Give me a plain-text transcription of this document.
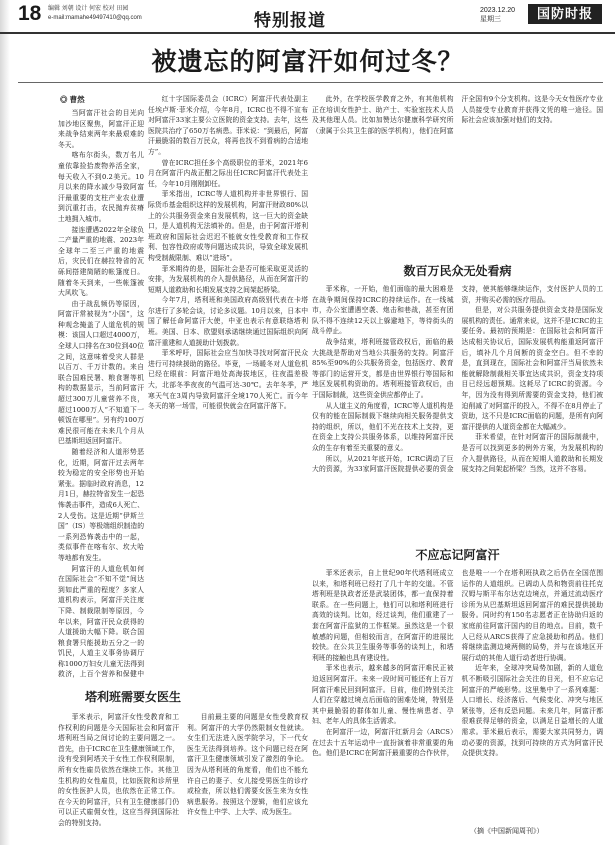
18 编辑 刘朝 设计 何宏 校对 田园
e-mail:mamahe49497410@qq.com	特别报道
2023.12.20
星期三	国防时报
被遗忘的阿富汗如何过冬？
◎ 曹然

当阿富汗社会的目光向加沙地区聚焦，阿富汗正迎来战争结束两年来最艰难的冬天。

喀布尔街头，数万名儿童依靠捡拾废物养活全家，每天收入不到0.2美元。10月以来的降水减少导致阿富汗最重要的支柱产业农业遭到沉重打击，农民抛弃贫瘠土地拥入城市。

接连遭遇2022年全球负二产量严重的地震、2023年全球年二至三产重的地震后，灾民们在赫拉特省的瓦砾间搭建简陋的帐篷度日。随着冬天到来，一些帐篷被大风吹飞。

由于战乱频仍等原因，阿富汗常被视为“小国”，这种观念掩盖了人道危机的规模：该国人口超过4000万，全球人口排名在30位到40位之间，这意味着受灾人群是以百万、千万计数的。来自联合国难民署、粮食署等机构的数据显示，当前阿富汗超过300万儿童营养不良，超过1000万人“不知道下一顿饭在哪里”。另有约100万难民很可能在未来几个月从巴基斯坦返回阿富汗。

随着经济和人道形势恶化，近期，阿富汗过去两年较为稳定的安全形势也开始紧张。据临时政府消息，12月1日，赫拉特省发生一起恐怖袭击事件，造成6人死亡、2人受伤。这是近期“伊斯兰国”（IS）等极端组织制造的一系列恐怖袭击中的一起，类似事件在喀布尔、坎大哈等地都有发生。

阿富汗的人道危机如何在国际社会“不知不觉”间达到如此严重的程度？多家人道机构表示，阿富汗关注度下降、制裁限制等原因，今年以来，阿富汗民众获得的人道援助大幅下降。联合国粮食署只能援助五分之一的饥民，人道主义事务协调厅称1000万妇女儿童无法得到救济，上百个营养和保健中

红十字国际委员会（ICRC）阿富汗代表处副主任埃卢斯·菲米介绍，今年8月，ICRC也不得不宣布对阿富汗33家主要公立医院的资金支持。去年，这些医院共治疗了650万名病患。菲米说：“到最后，阿富汗最脆弱的数百万民众，将再也找不到看病的合适地方”。

曾在ICRC担任多个高级职位的菲米，2021年6月在阿富汗内战正酣之际出任ICRC阿富汗代表处主任，今年10月刚刚卸任。

菲米指出，ICRC等人道机构并非世界银行、国际货币基金组织这样的发展机构，阿富汗财政80%以上的公共服务资金来自发展机构，这一巨大的资金缺口，是人道机构无法填补的。但是，由于阿富汗塔利班政府和国际社会迟迟不能就女性受教育和工作权利、包容性政府或等问题达成共识，导致全球发展机构受制裁限制、难以“进场”。

菲米期待的是，国际社会是否可能采取更灵活的安排，为发展机构的介入提供路径，从而在阿富汗的短期人道救助和长期发展支持之间架起桥梁。

今年7月，塔利班和美国政府高级别代表在卡塔尔进行了多轮会谈，讨论多议题。10月以来，日本中国了解任命阿富汗大使，中亚也表示有意联络塔利班。美国、日本、欧盟则承诺继续通过国际组织向阿富汗重建和人道援助计划拨款。

菲米呼吁，国际社会应当加快寻找对阿富汗民众进行可持续援助的路径。毕竟，一场暖冬对人道危机已经在眼前：阿富汗地处高海拔地区，往夜温差极大，北部冬季夜夜的气温可达-30℃。去年冬季，严寒天气在3周内导致阿富汗全境170人死亡。而今年冬天的第一场雪，可能很快就会在阿富汗落下。

塔利班需要女医生

菲米表示，阿富汗女性受教育和工作权利的问题是今天国际社会和阿富汗塔利班当局之间讨论的主要问题之一。首先，由于ICRC在卫生健康领域工作，没有受到阿塔关于女性工作权利限制，所有女性雇员依然在继续工作。其他卫生机构的女性雇员，比如医院和诊所里的女性医护人员，也依然在正常工作。在今天的阿富汗，只有卫生健康部门仍可以正式雇佣女性，这应当得到国际社会的特别支持。

目前最主要的问题是女性受教育权利。阿富汗的大学仍然限制女性就读。女生们无法进入医学院学习，下一代女医生无法得到培养。这个问题已经在阿富汗卫生健康领域引发了激烈的争论。因为从塔利班的角度看，他们也不能允许自己的妻子、女儿接受男医生的诊疗或检查，所以他们需要女医生来为女性病患服务。按照这个逻辑，他们应该允许女性上中学、上大学、成为医生。

此外，在学校医学教育之外，有其他机构正在培训女性护士、助产士、实验室技术人员及其他理人员。比如加赞达尔健康科学研究所（隶属于公共卫生部的医学机构），他们在阿富汗全国有9个分支机构。这是今天女性医疗专业人员接受专业教育并获得文凭的唯一途径。国际社会应该加强对他们的支持。

数百万民众无处看病

菲米称，一开始，他们面临的最大困难是在战争期间保持ICRC的持续运作。在一线城市，办公室遭遇空袭、炮击和巷战，甚至有团队不得不连续12天以上躲避地下，等待街头的战斗停止。

战争结束，塔利班接管政权后，面临的最大挑战是帮助对当地公共服务的支持。阿富汗85%至90%的公共服务资金，包括医疗、教育等部门的运营开支，都是由世界银行等国际和地区发展机构资助的。塔利班接管政权后，由于国际制裁，这些资金供应都停止了。

从人道主义的角度看，ICRC等人道机构是仅有的能在国际制裁下继续向相关服务提供支持的组织，所以，他们不光在技术上支持，更在资金上支持公共服务体系，以维持阿富汗民众的生存有着至关重要的意义。

所以，从2021年底开始，ICRC调动了巨大的资源，为33家阿富汗医院提供必要的资金支持，使其能够继续运作，支付医护人员的工资，并购买必需的医疗用品。

但是，对公共服务提供资金支持是国际发展机构的责任。通常来说，这并不是ICRC的主要任务。最初的预期是：在国际社会和阿富汗达成相关协议后，国际发展机构能重返阿富汗后，填补几个月间断的资金空白。但不幸的是，直到现在，国际社会和阿富汗当局依然未能就解除制裁相关事宜达成共识，资金支持项目已经远超预期。这耗尽了ICRC的资源。今年，因为没有得到所需要的资金支持，他们被迫削减了对阿富汗的投入，不得不在8月停止了资助，这不只是ICRC面临的问题，是所有向阿富汗提供的人道资金都在大幅减少。

菲米希望，在针对阿富汗的国际制裁中，是否可以找到更多的例外方案，为发展机构的介入提供路径，从而在短期人道救助和长期发展支持之间架起桥梁？当然，这并不容易。

不应忘记阿富汗

菲米还表示，自上世纪90年代塔利班成立以来，和塔利班已经打了几十年的交道。不管塔利班是执政者还是武装团体，都一直保持着联系。在一些问题上，他们可以和塔利班进行高效的谈判。比如，经过谈判，他们重建了一套在阿富汗监狱的工作框架。虽然这是一个很敏感的问题，但相较而言，在阿富汗的进展比较快。在公共卫生服务等事务的谈判上，和塔利班的接触也具有建设性。

菲米也表示，越来越多的阿富汗难民正被迫返回阿富汗。未来一段时间可能还有上百万阿富汗难民回到阿富汗。目前，他们特别关注人们在穿越过境点后面临的困难处境，特别是其中最脆弱的群体如儿童、慢性病患者、孕妇、老年人的具体生活需求。

在阿富汗一边，阿富汗红新月会（ARCS）在过去十五年运动中一直扮演着非常重要的角色。他们是ICRC在阿富汗最重要的合作伙伴，也是唯一一个在塔利班执政之后仍在全国范围运作的人道组织。已调动人员和物资前往托克汉姆与斯平布尔达克边境点，并通过流动医疗诊所为从巴基斯坦返回阿富汗的难民提供援助服务。同时约有150名志愿者正在协助归返的家庭前往阿富汗国内的目的地点。目前，数千人已经从ARCS获得了应急援助和药品。他们将继续监测边境两侧的局势，并与在该地区开展行动的其他人道行动者进行协调。

近年来，全球冲突局势加剧，新的人道危机不断吸引国际社会关注的目光，但不应忘记阿富汗的严峻形势。这里集中了一系列难题：人口增长、经济落后、气候变化、冲突与地区紧张等，还有反恐问题。未来几年，阿富汗都很难获得足够的资金，以满足日益增长的人道需求。菲米最后表示，需要大家共同努力，调动必要的资源，找到可持续的方式为阿富汗民众提供支持。

（摘《中国新闻周刊》）
